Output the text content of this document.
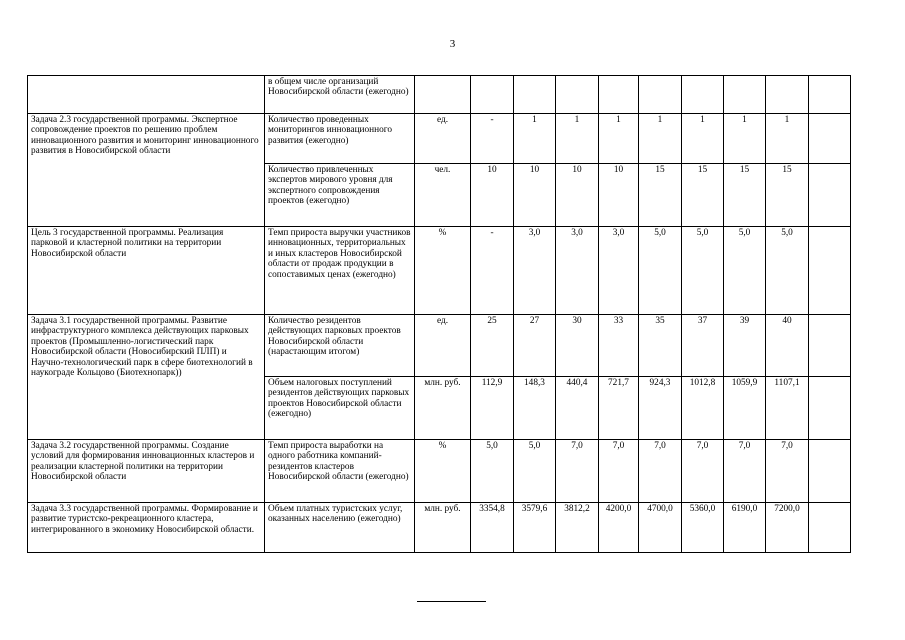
3
	в общем числе организаций Новосибирской области (ежегодно)										
Задача 2.3 государственной программы. Экспертное сопровождение проектов по решению проблем инновационного развития и мониторинг инновационного развития в Новосибирской области	Количество проведенных мониторингов инновационного развития (ежегодно)	ед.	-	1	1	1	1	1	1	1	
	Количество привлеченных экспертов мирового уровня для экспертного сопровождения проектов (ежегодно)	чел.	10	10	10	10	15	15	15	15	
Цель 3 государственной программы. Реализация парковой и кластерной политики на территории Новосибирской области	Темп прироста выручки участников инновационных, территориальных и иных кластеров Новосибирской области от продаж продукции в сопоставимых ценах (ежегодно)	%	-	3,0	3,0	3,0	5,0	5,0	5,0	5,0	
Задача 3.1 государственной программы. Развитие инфраструктурного комплекса действующих парковых проектов (Промышленно-логистический парк Новосибирской области (Новосибирский ПЛП) и Научно-технологический парк в сфере биотехнологий в наукограде Кольцово (Биотехнопарк))	Количество резидентов действующих парковых проектов Новосибирской области (нарастающим итогом)	ед.	25	27	30	33	35	37	39	40	
	Объем налоговых поступлений резидентов действующих парковых проектов Новосибирской области (ежегодно)	млн. руб.	112,9	148,3	440,4	721,7	924,3	1012,8	1059,9	1107,1	
Задача 3.2 государственной программы. Создание условий для формирования инновационных кластеров и реализации кластерной политики на территории Новосибирской области	Темп прироста выработки на одного работника компаний-резидентов кластеров Новосибирской области (ежегодно)	%	5,0	5,0	7,0	7,0	7,0	7,0	7,0	7,0	
Задача 3.3 государственной программы. Формирование и развитие туристско-рекреационного кластера, интегрированного в экономику Новосибирской области.	Объем платных туристских услуг, оказанных населению (ежегодно)	млн. руб.	3354,8	3579,6	3812,2	4200,0	4700,0	5360,0	6190,0	7200,0	
